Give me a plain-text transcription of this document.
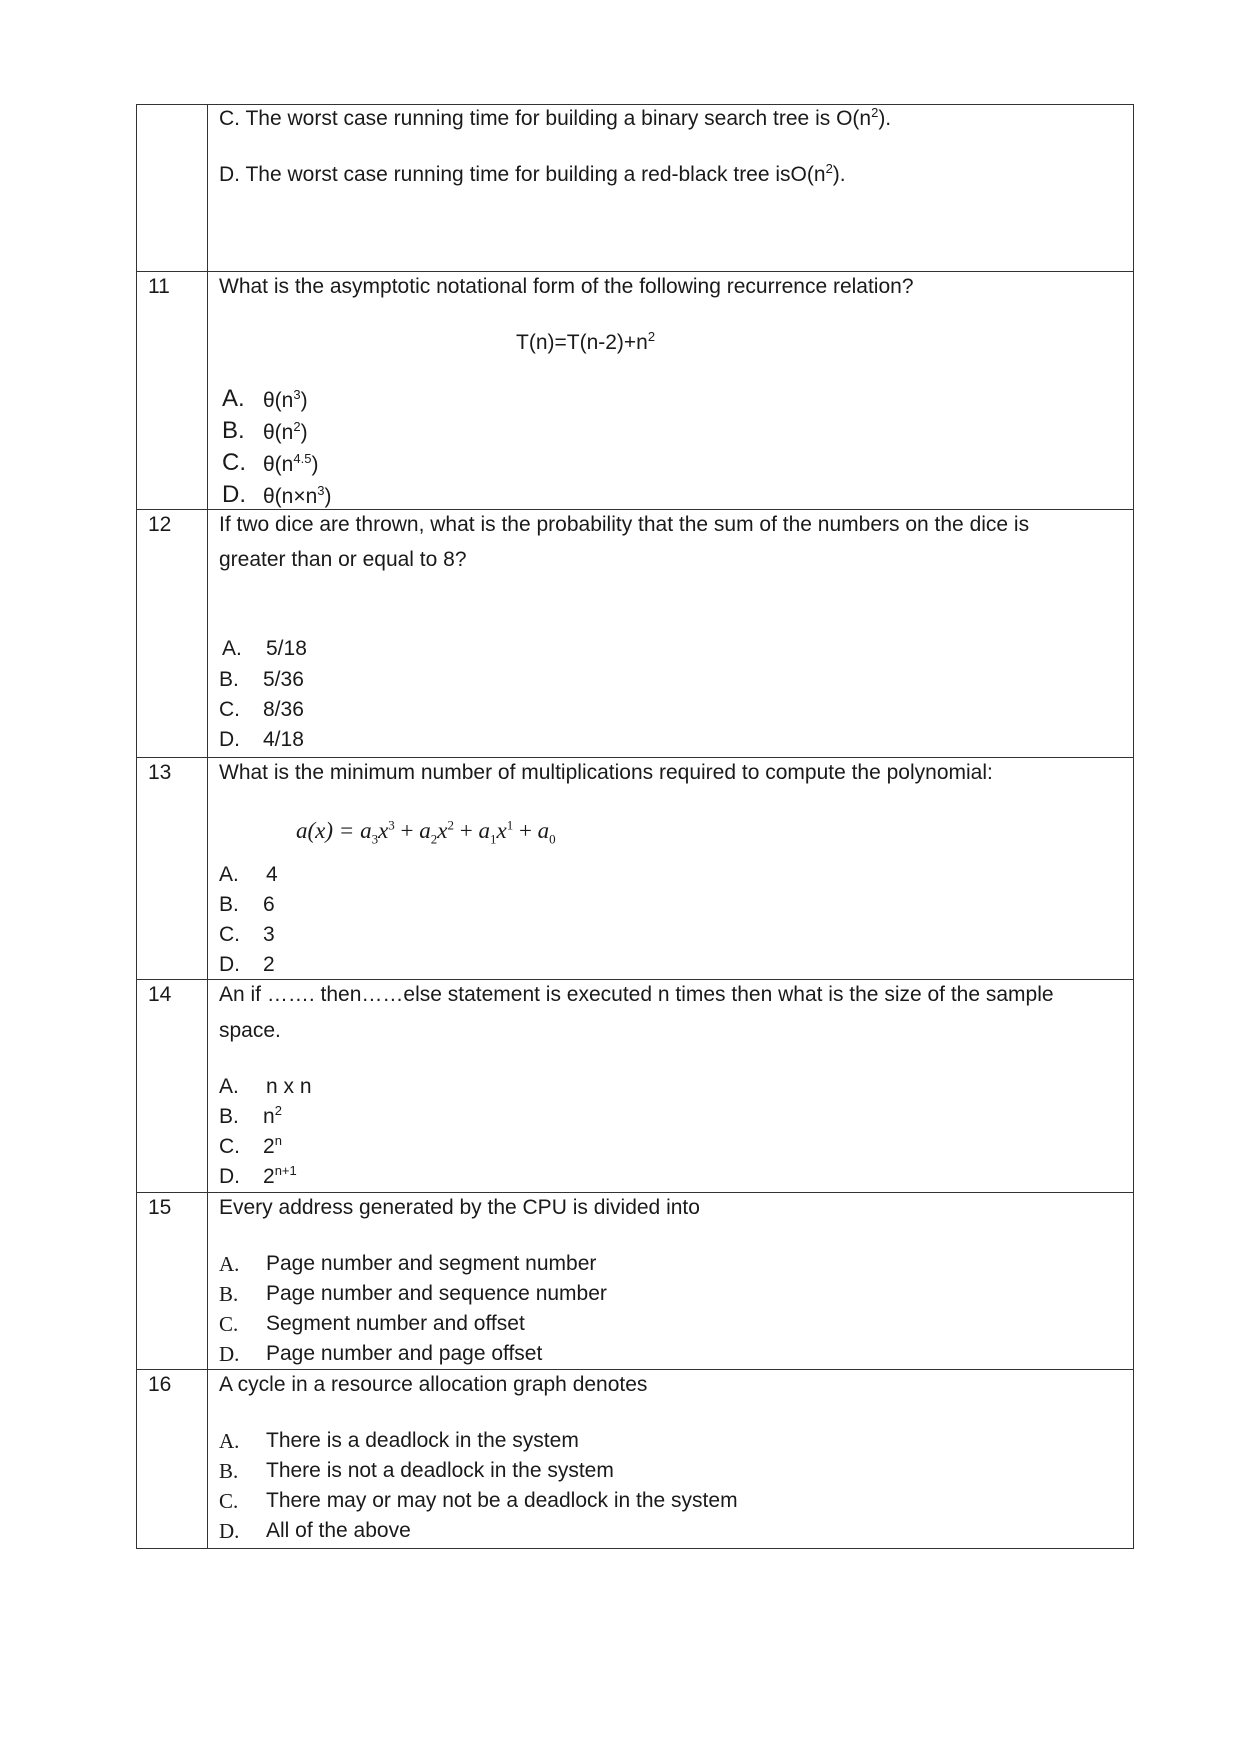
C. The worst case running time for building a binary search tree is $O(n^2)$.
D. The worst case running time for building a red-black tree $isO(n^2)$.
11 What is the asymptotic notational form of the following recurrence relation?
$T(n)=T(n-2)+n^2$
A. $\theta(n^3)$
B. $\theta(n^2)$
C. $\theta(n^{4.5})$
D. $\theta(n\times n^3)$
12 If two dice are thrown, what is the probability that the sum of the numbers on the dice is
greater than or equal to 8?
A. 5/18
B. 5/36
C. 8/36
D. 4/18
13 What is the minimum number of multiplications required to compute the polynomial:
$a(x) = a_3x^3 + a_2x^2 + a_1x^1 + a_0$
A. 4
B. 6
C. 3
D. 2
14 An if ……. then……else statement is executed n times then what is the size of the sample
space.
A. n x n
B. $n^2$
C. 2$^n$
D. $2^{n+1}$
15 Every address generated by the CPU is divided into
A. Page number and segment number
B. Page number and sequence number
C. Segment number and offset
D. Page number and page offset
16 A cycle in a resource allocation graph denotes
A. There is a deadlock in the system
B. There is not a deadlock in the system
C. There may or may not be a deadlock in the system
D. All of the above
